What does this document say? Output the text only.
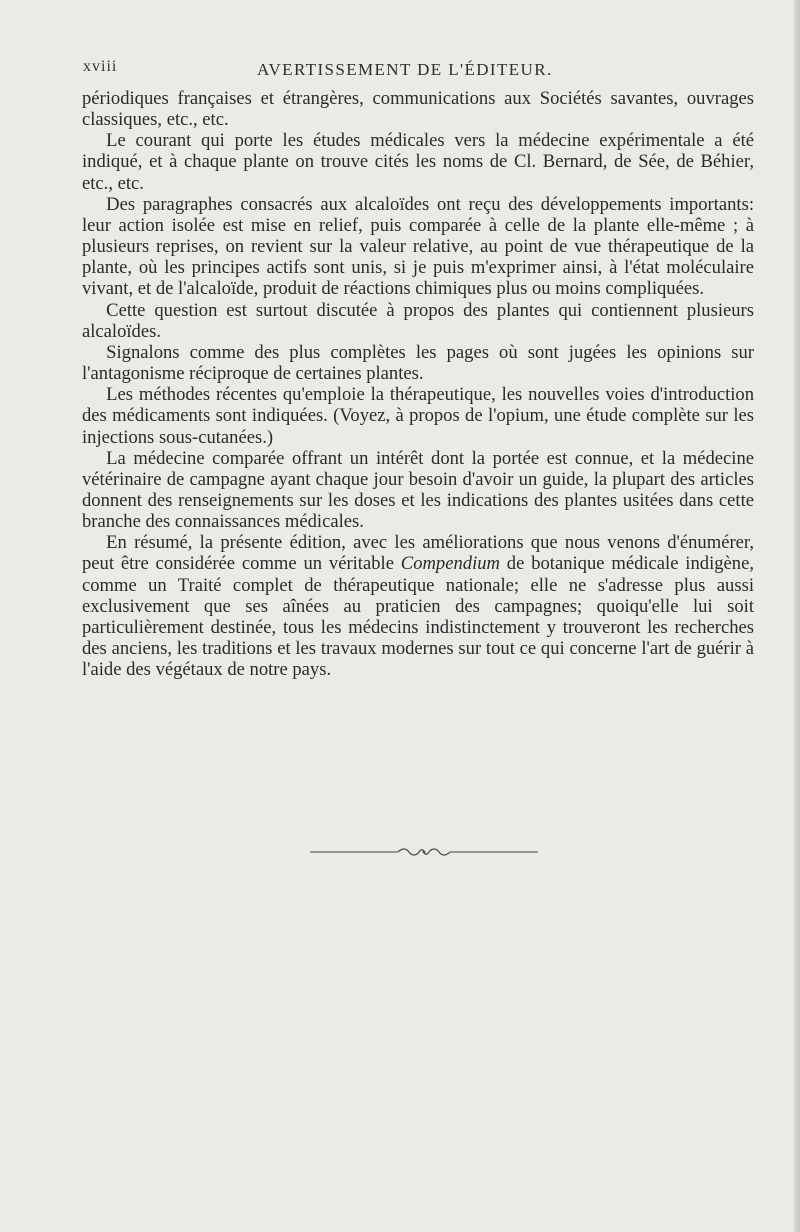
xviii	AVERTISSEMENT DE L'ÉDITEUR.

périodiques françaises et étrangères, communications aux Sociétés savantes, ouvrages classiques, etc., etc.

Le courant qui porte les études médicales vers la médecine expérimentale a été indiqué, et à chaque plante on trouve cités les noms de Cl. Bernard, de Sée, de Béhier, etc., etc.

Des paragraphes consacrés aux alcaloïdes ont reçu des développements importants: leur action isolée est mise en relief, puis comparée à celle de la plante elle-même ; à plusieurs reprises, on revient sur la valeur relative, au point de vue thérapeutique de la plante, où les principes actifs sont unis, si je puis m'exprimer ainsi, à l'état moléculaire vivant, et de l'alcaloïde, produit de réactions chimiques plus ou moins compliquées.

Cette question est surtout discutée à propos des plantes qui contiennent plusieurs alcaloïdes.

Signalons comme des plus complètes les pages où sont jugées les opinions sur l'antagonisme réciproque de certaines plantes.

Les méthodes récentes qu'emploie la thérapeutique, les nouvelles voies d'introduction des médicaments sont indiquées. (Voyez, à propos de l'opium, une étude complète sur les injections sous-cutanées.)

La médecine comparée offrant un intérêt dont la portée est connue, et la médecine vétérinaire de campagne ayant chaque jour besoin d'avoir un guide, la plupart des articles donnent des renseignements sur les doses et les indications des plantes usitées dans cette branche des connaissances médicales.

En résumé, la présente édition, avec les améliorations que nous venons d'énumérer, peut être considérée comme un véritable Compendium de botanique médicale indigène, comme un Traité complet de thérapeutique nationale; elle ne s'adresse plus aussi exclusivement que ses aînées au praticien des campagnes; quoiqu'elle lui soit particulièrement destinée, tous les médecins indistinctement y trouveront les recherches des anciens, les traditions et les travaux modernes sur tout ce qui concerne l'art de guérir à l'aide des végétaux de notre pays.
